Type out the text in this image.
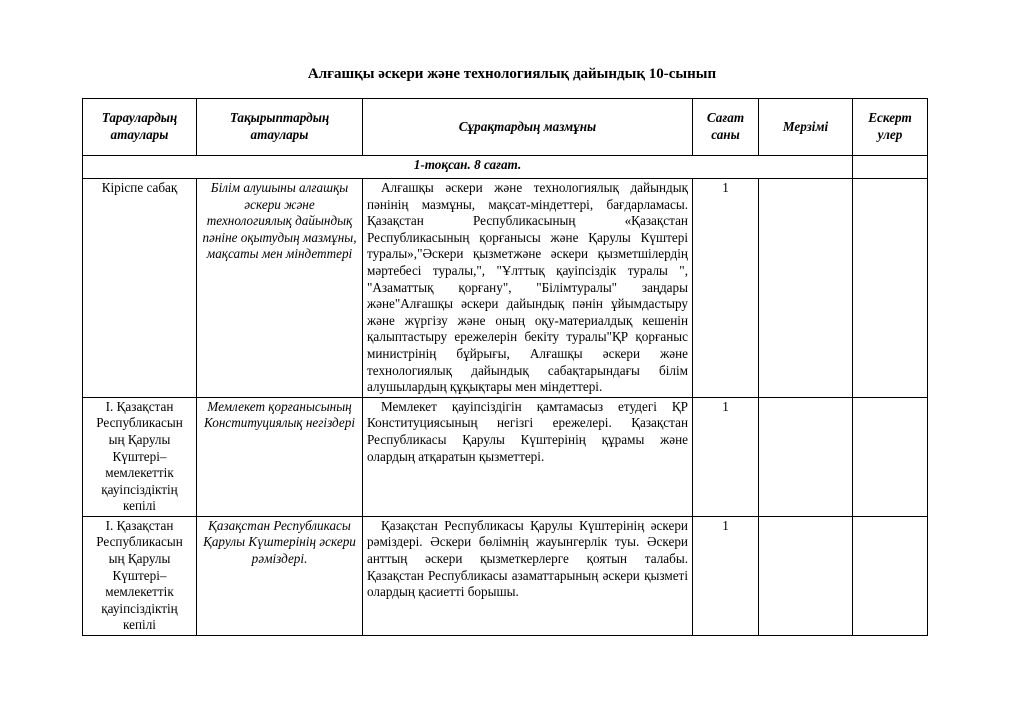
Алғашқы әскери және технологиялық дайындық 10-сынып
Тараулардың атаулары	Тақырыптардың атаулары	Сұрақтардың мазмұны	Сағат саны	Мерзімі	Ескерт улер
1-тоқсан. 8 сағат.					
Кіріспе сабақ	Білім алушыны алғашқы әскери және технологиялық дайындық пәніне оқытудың мазмұны, мақсаты мен міндеттері	Алғашқы әскери және технологиялық дайындық пәнінің мазмұны, мақсат-міндеттері, бағдарламасы. Қазақстан Республикасының «Қазақстан Республикасының қорғанысы және Қарулы Күштері туралы»,"Әскери қызметжәне әскери қызметшілердің мәртебесі туралы,", "Ұлттық қауіпсіздік туралы ", "Азаматтық қорғану", "Білімтуралы" заңдары және"Алғашқы әскери дайындық пәнін ұйымдастыру және жүргізу және оның оқу-материалдық кешенін қалыптастыру ережелерін бекіту туралы"ҚР қорғаныс министрінің бұйрығы, Алғашқы әскери және технологиялық дайындық сабақтарындағы білім алушылардың құқықтары мен міндеттері.	1		
I. Қазақстан Республикасын ың Қарулы Күштері– мемлекеттік қауіпсіздіктің кепілі	Мемлекет қорғанысының Конституциялық негіздері	Мемлекет қауіпсіздігін қамтамасыз етудегі ҚР Конституциясының негізгі ережелері. Қазақстан Республикасы Қарулы Күштерінің құрамы және олардың атқаратын қызметтері.	1		
I. Қазақстан Республикасын ың Қарулы Күштері– мемлекеттік қауіпсіздіктің кепілі	Қазақстан Республикасы Қарулы Күштерінің әскери рәміздері.	Қазақстан Республикасы Қарулы Күштерінің әскери рәміздері. Әскери бөлімнің жауынгерлік туы. Әскери анттың әскери қызметкерлерге қоятын талабы. Қазақстан Республикасы азаматтарының әскери қызметі олардың қасиетті борышы.	1		
